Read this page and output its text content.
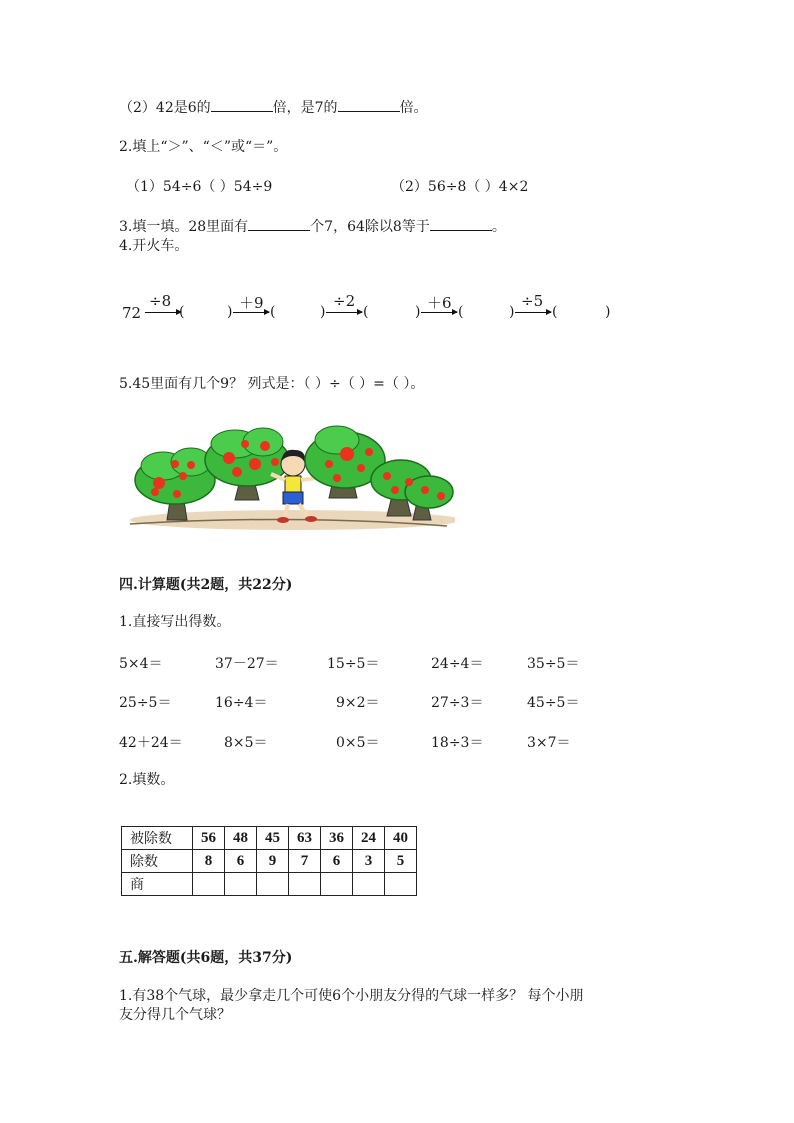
（2）42是6的	倍，是7的	倍。
2.填上“＞”、“＜”或“＝”。
（1）54÷6（ ）54÷9	（2）56÷8（ ）4×2
3.填一填。28里面有	个7，64除以8等于	。
4.开火车。
72
÷8
(	) ＋9 (	)
÷2
(	) ＋6 (	)
÷5
(	)
5.45里面有几个9？ 列式是：（ ）÷（ ）=（ ）。
四.计算题(共2题，共22分)
1.直接写出得数。
5×4＝	37－27＝	15÷5＝	24÷4＝	35÷5＝
25÷5＝	16÷4＝	9×2＝	27÷3＝	45÷5＝
42＋24＝	8×5＝	0×5＝	18÷3＝	3×7＝
2.填数。
被除数	56	48	45	63	36	24	40
除数	8	6	9	7	6	3	5
商							
五.解答题(共6题，共37分)
1.有38个气球，最少拿走几个可使6个小朋友分得的气球一样多？ 每个小朋
友分得几个气球？
